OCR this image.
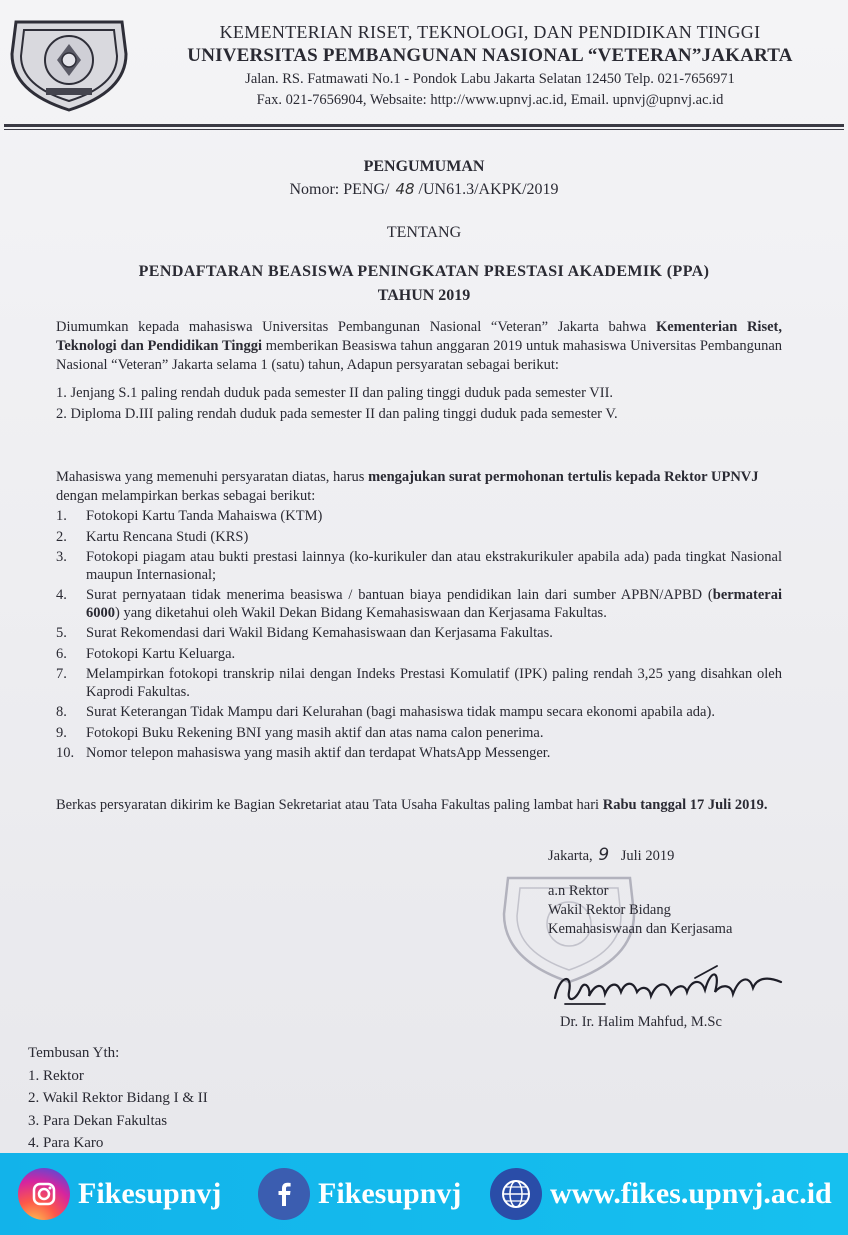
KEMENTERIAN RISET, TEKNOLOGI, DAN PENDIDIKAN TINGGI
UNIVERSITAS PEMBANGUNAN NASIONAL “VETERAN”JAKARTA
Jalan. RS. Fatmawati No.1 - Pondok Labu Jakarta Selatan 12450 Telp. 021-7656971
Fax. 021-7656904, Websaite: http://www.upnvj.ac.id, Email. upnvj@upnvj.ac.id
PENGUMUMAN
Nomor: PENG/ 48 /UN61.3/AKPK/2019
TENTANG
PENDAFTARAN BEASISWA PENINGKATAN PRESTASI AKADEMIK (PPA)
TAHUN 2019
Diumumkan kepada mahasiswa Universitas Pembangunan Nasional “Veteran” Jakarta bahwa Kementerian Riset, Teknologi dan Pendidikan Tinggi memberikan Beasiswa tahun anggaran 2019 untuk mahasiswa Universitas Pembangunan Nasional “Veteran” Jakarta selama 1 (satu) tahun, Adapun persyaratan sebagai berikut:
1. Jenjang S.1 paling rendah duduk pada semester II dan paling tinggi duduk pada semester VII.
2. Diploma D.III paling rendah duduk pada semester II dan paling tinggi duduk pada semester V.
Mahasiswa yang memenuhi persyaratan diatas, harus mengajukan surat permohonan tertulis kepada Rektor UPNVJ dengan melampirkan berkas sebagai berikut:
1. Fotokopi Kartu Tanda Mahaiswa (KTM)
2. Kartu Rencana Studi (KRS)
3. Fotokopi piagam atau bukti prestasi lainnya (ko-kurikuler dan atau ekstrakurikuler apabila ada) pada tingkat Nasional maupun Internasional;
4. Surat pernyataan tidak menerima beasiswa / bantuan biaya pendidikan lain dari sumber APBN/APBD (bermaterai 6000) yang diketahui oleh Wakil Dekan Bidang Kemahasiswaan dan Kerjasama Fakultas.
5. Surat Rekomendasi dari Wakil Bidang Kemahasiswaan dan Kerjasama Fakultas.
6. Fotokopi Kartu Keluarga.
7. Melampirkan fotokopi transkrip nilai dengan Indeks Prestasi Komulatif (IPK) paling rendah 3,25 yang disahkan oleh Kaprodi Fakultas.
8. Surat Keterangan Tidak Mampu dari Kelurahan (bagi mahasiswa tidak mampu secara ekonomi apabila ada).
9. Fotokopi Buku Rekening BNI yang masih aktif dan atas nama calon penerima.
10. Nomor telepon mahasiswa yang masih aktif dan terdapat WhatsApp Messenger.
Berkas persyaratan dikirim ke Bagian Sekretariat atau Tata Usaha Fakultas paling lambat hari Rabu tanggal 17 Juli 2019.
Jakarta, 9 Juli 2019
a.n Rektor
Wakil Rektor Bidang
Kemahasiswaan dan Kerjasama
Dr. Ir. Halim Mahfud, M.Sc
Tembusan Yth:
1. Rektor
2. Wakil Rektor Bidang I & II
3. Para Dekan Fakultas
4. Para Karo
Fikesupnvj	Fikesupnvj	www.fikes.upnvj.ac.id
